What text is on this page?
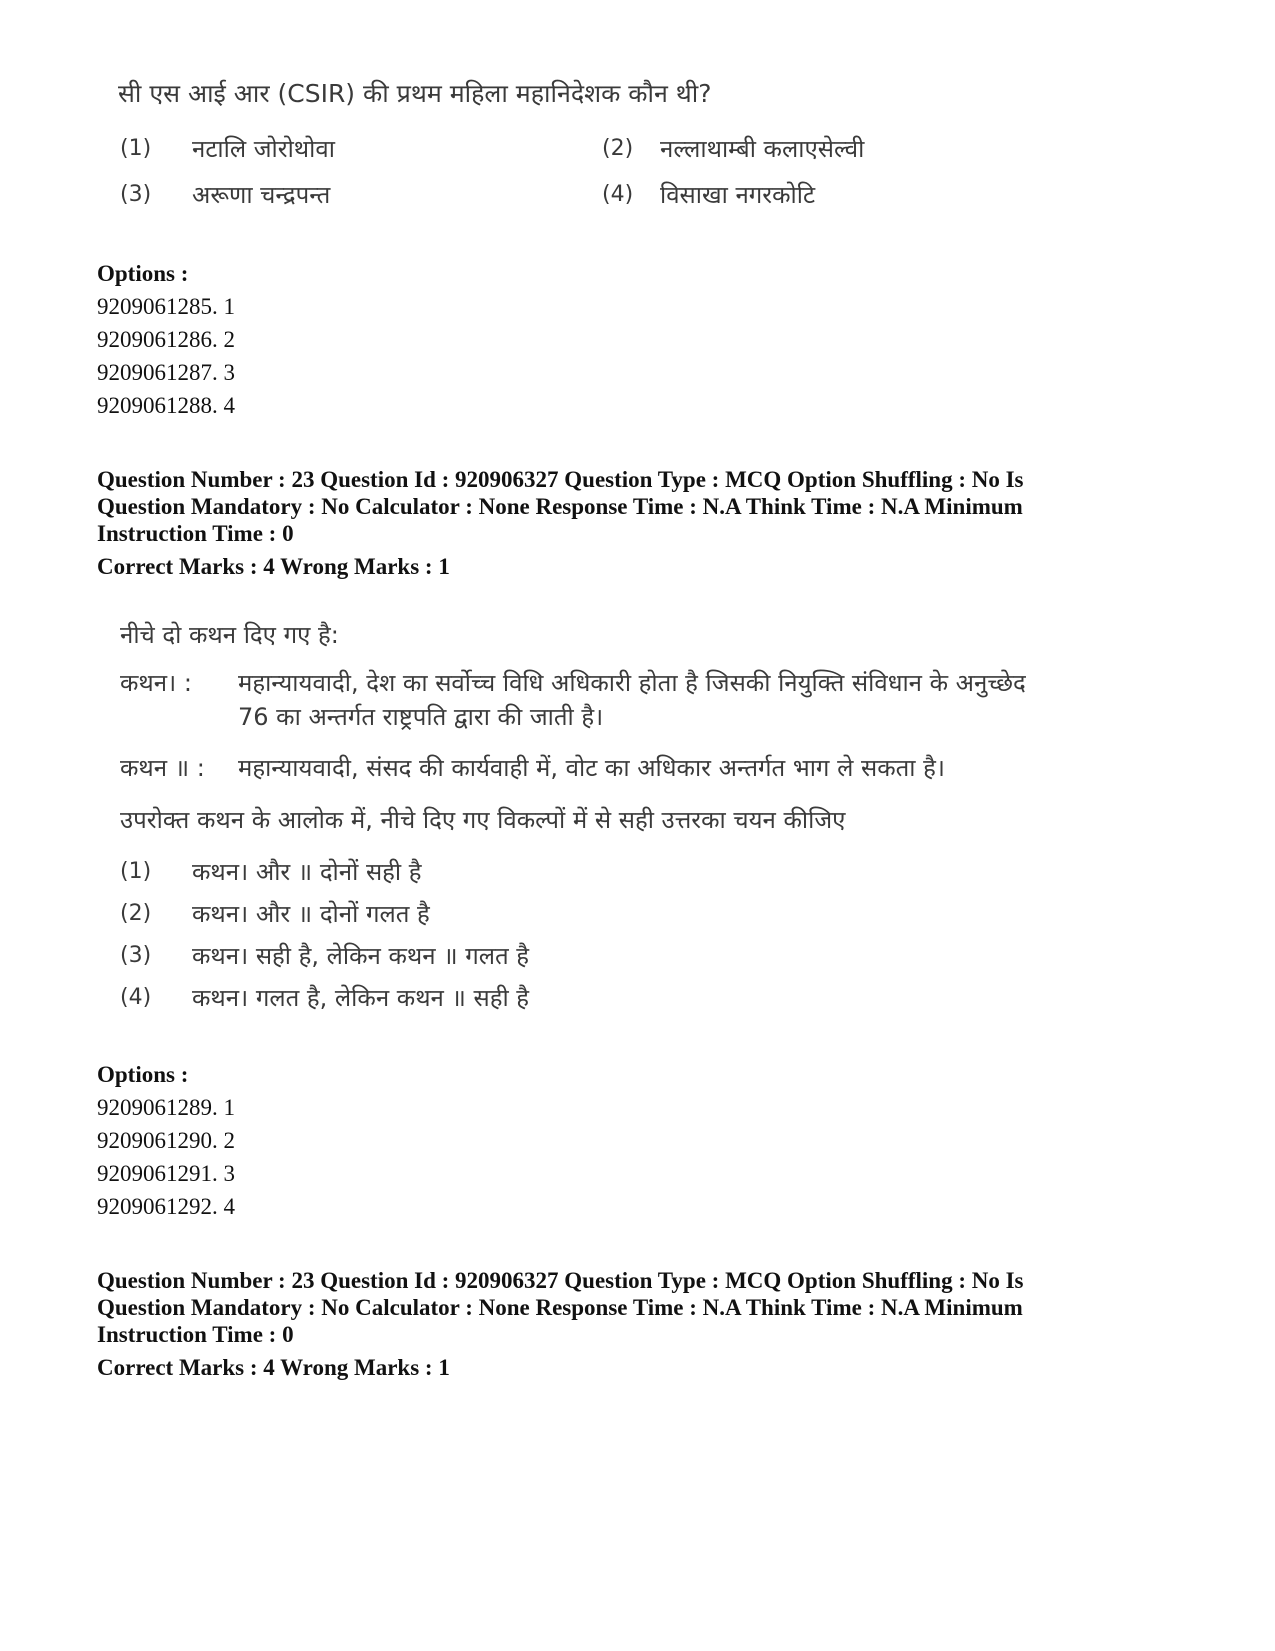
सी एस आई आर (CSIR) की प्रथम महिला महानिदेशक कौन थी?
(1) नटालि जोरोथोवा	(2) नल्लाथाम्बी कलाएसेल्वी
(3) अरूणा चन्द्रपन्त	(4) विसाखा नगरकोटि
Options :
9209061285. 1
9209061286. 2
9209061287. 3
9209061288. 4
Question Number : 23 Question Id : 920906327 Question Type : MCQ Option Shuffling : No Is
Question Mandatory : No Calculator : None Response Time : N.A Think Time : N.A Minimum
Instruction Time : 0
Correct Marks : 4 Wrong Marks : 1
नीचे दो कथन दिए गए है:
कथन। : महान्यायवादी, देश का सर्वोच्च विधि अधिकारी होता है जिसकी नियुक्ति संविधान के अनुच्छेद
76 का अन्तर्गत राष्ट्रपति द्वारा की जाती है।
कथन ॥ : महान्यायवादी, संसद की कार्यवाही में, वोट का अधिकार अन्तर्गत भाग ले सकता है।
उपरोक्त कथन के आलोक में, नीचे दिए गए विकल्पों में से सही उत्तरका चयन कीजिए
(1) कथन। और ॥ दोनों सही है
(2) कथन। और ॥ दोनों गलत है
(3) कथन। सही है, लेकिन कथन ॥ गलत है
(4) कथन। गलत है, लेकिन कथन ॥ सही है
Options :
9209061289. 1
9209061290. 2
9209061291. 3
9209061292. 4
Question Number : 23 Question Id : 920906327 Question Type : MCQ Option Shuffling : No Is
Question Mandatory : No Calculator : None Response Time : N.A Think Time : N.A Minimum
Instruction Time : 0
Correct Marks : 4 Wrong Marks : 1
